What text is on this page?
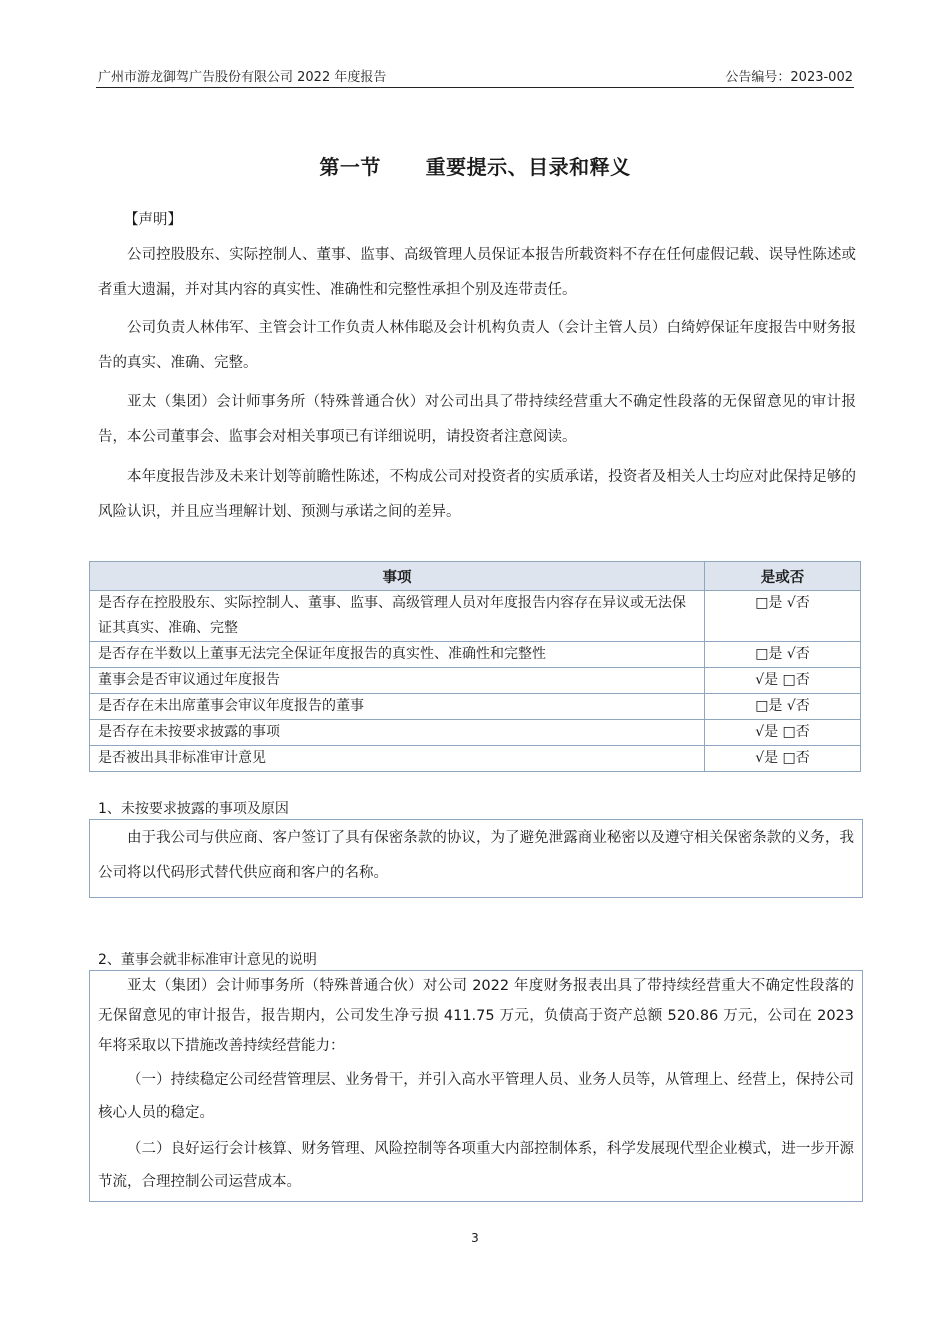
广州市游龙御驾广告股份有限公司 2022 年度报告	公告编号：2023-002
第一节      重要提示、目录和释义
【声明】

公司控股股东、实际控制人、董事、监事、高级管理人员保证本报告所载资料不存在任何虚假记载、误导性陈述或者重大遗漏，并对其内容的真实性、准确性和完整性承担个别及连带责任。

公司负责人林伟军、主管会计工作负责人林伟聪及会计机构负责人（会计主管人员）白绮婷保证年度报告中财务报告的真实、准确、完整。

亚太（集团）会计师事务所（特殊普通合伙）对公司出具了带持续经营重大不确定性段落的无保留意见的审计报告，本公司董事会、监事会对相关事项已有详细说明，请投资者注意阅读。

本年度报告涉及未来计划等前瞻性陈述，不构成公司对投资者的实质承诺，投资者及相关人士均应对此保持足够的风险认识，并且应当理解计划、预测与承诺之间的差异。

事项	是或否
是否存在控股股东、实际控制人、董事、监事、高级管理人员对年度报告内容存在异议或无法保证其真实、准确、完整	□是 √否
是否存在半数以上董事无法完全保证年度报告的真实性、准确性和完整性	□是 √否
董事会是否审议通过年度报告	√是 □否
是否存在未出席董事会审议年度报告的董事	□是 √否
是否存在未按要求披露的事项	√是 □否
是否被出具非标准审计意见	√是 □否
1、未按要求披露的事项及原因

由于我公司与供应商、客户签订了具有保密条款的协议，为了避免泄露商业秘密以及遵守相关保密条款的义务，我公司将以代码形式替代供应商和客户的名称。

2、董事会就非标准审计意见的说明

亚太（集团）会计师事务所（特殊普通合伙）对公司 2022 年度财务报表出具了带持续经营重大不确定性段落的无保留意见的审计报告，报告期内，公司发生净亏损 411.75 万元，负债高于资产总额 520.86 万元，公司在 2023 年将采取以下措施改善持续经营能力：

（一）持续稳定公司经营管理层、业务骨干，并引入高水平管理人员、业务人员等，从管理上、经营上，保持公司核心人员的稳定。

（二）良好运行会计核算、财务管理、风险控制等各项重大内部控制体系，科学发展现代型企业模式，进一步开源节流，合理控制公司运营成本。

3
